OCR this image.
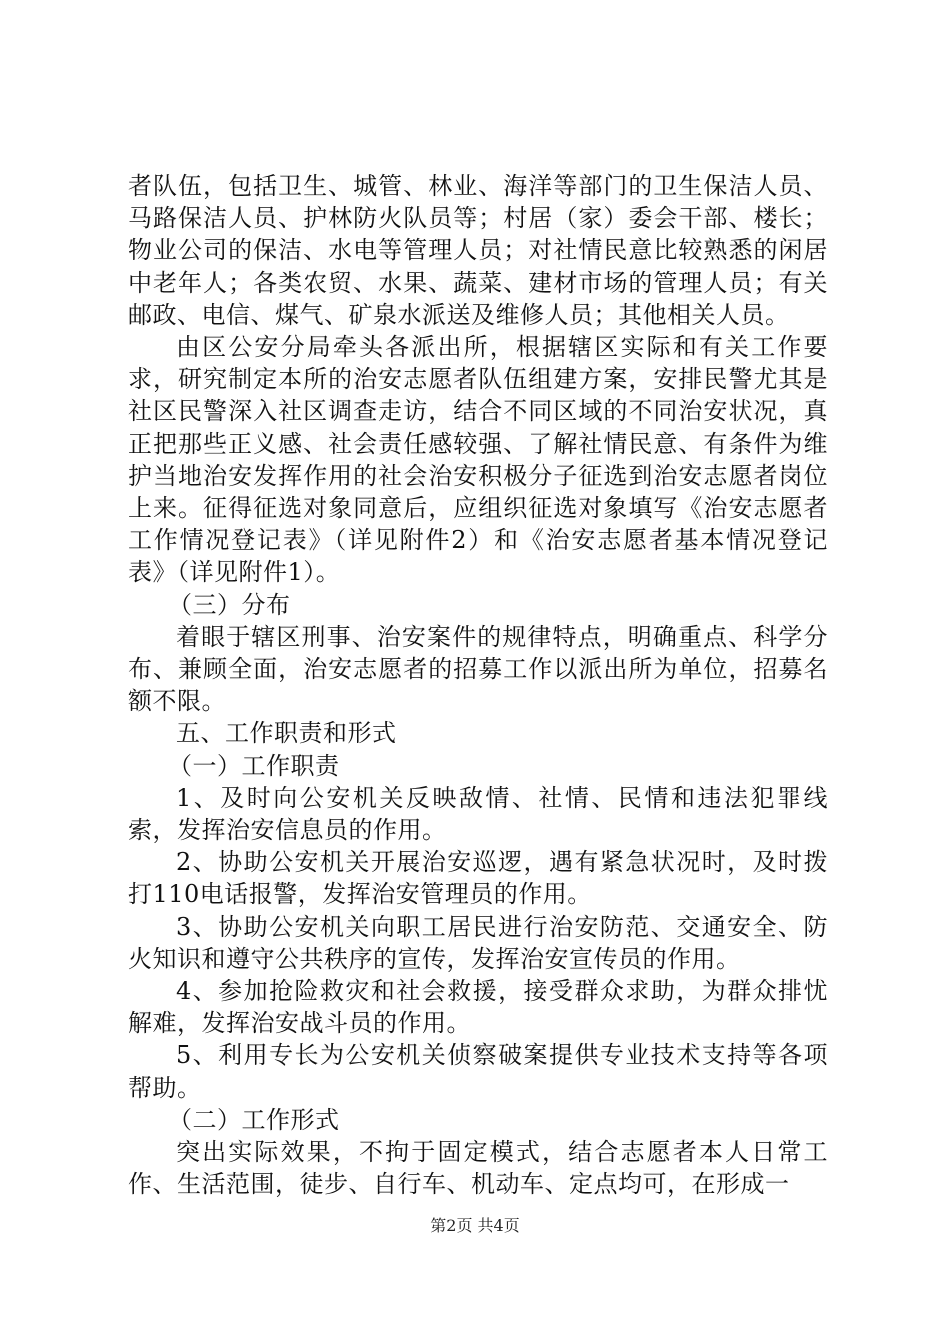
者队伍，包括卫生、城管、林业、海洋等部门的卫生保洁人员、马路保洁人员、护林防火队员等；村居（家）委会干部、楼长；物业公司的保洁、水电等管理人员；对社情民意比较熟悉的闲居中老年人；各类农贸、水果、蔬菜、建材市场的管理人员；有关邮政、电信、煤气、矿泉水派送及维修人员；其他相关人员。

由区公安分局牵头各派出所，根据辖区实际和有关工作要求，研究制定本所的治安志愿者队伍组建方案，安排民警尤其是社区民警深入社区调查走访，结合不同区域的不同治安状况，真正把那些正义感、社会责任感较强、了解社情民意、有条件为维护当地治安发挥作用的社会治安积极分子征选到治安志愿者岗位上来。征得征选对象同意后，应组织征选对象填写《治安志愿者工作情况登记表》（详见附件2）和《治安志愿者基本情况登记表》（详见附件1）。

（三）分布

着眼于辖区刑事、治安案件的规律特点，明确重点、科学分布、兼顾全面，治安志愿者的招募工作以派出所为单位，招募名额不限。

五、工作职责和形式

（一）工作职责

1、及时向公安机关反映敌情、社情、民情和违法犯罪线索，发挥治安信息员的作用。

2、协助公安机关开展治安巡逻，遇有紧急状况时，及时拨打110电话报警，发挥治安管理员的作用。

3、协助公安机关向职工居民进行治安防范、交通安全、防火知识和遵守公共秩序的宣传，发挥治安宣传员的作用。

4、参加抢险救灾和社会救援，接受群众求助，为群众排忧解难，发挥治安战斗员的作用。

5、利用专长为公安机关侦察破案提供专业技术支持等各项帮助。

（二）工作形式

突出实际效果，不拘于固定模式，结合志愿者本人日常工作、生活范围，徒步、自行车、机动车、定点均可，在形成一

第2页 共4页
